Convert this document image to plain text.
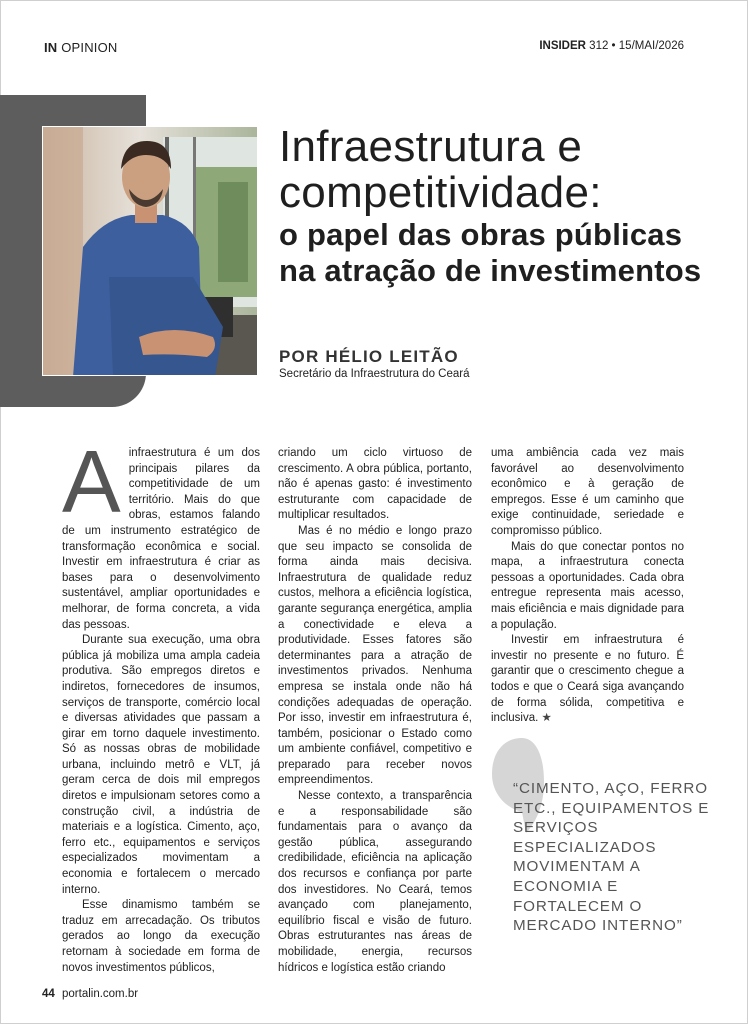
IN OPINION	INSIDER 312 • 15/MAI/2026
Infraestrutura e competitividade:
o papel das obras públicas na atração de investimentos
POR HÉLIO LEITÃO
Secretário da Infraestrutura do Ceará

Ainfraestrutura é um dos principais pilares da competitividade de um território. Mais do que obras, estamos falando de um instrumento estratégico de transformação econômica e social. Investir em infraestrutura é criar as bases para o desenvolvimento sustentável, ampliar oportunidades e melhorar, de forma concreta, a vida das pessoas.

Durante sua execução, uma obra pública já mobiliza uma ampla cadeia produtiva. São empregos diretos e indiretos, fornecedores de insumos, serviços de transporte, comércio local e diversas atividades que passam a girar em torno daquele investimento. Só as nossas obras de mobilidade urbana, incluindo metrô e VLT, já geram cerca de dois mil empregos diretos e impulsionam setores como a construção civil, a indústria de materiais e a logística. Cimento, aço, ferro etc., equipamentos e serviços especializados movimentam a economia e fortalecem o mercado interno.

Esse dinamismo também se traduz em arrecadação. Os tributos gerados ao longo da execução retornam à sociedade em forma de novos investimentos públicos,

criando um ciclo virtuoso de crescimento. A obra pública, portanto, não é apenas gasto: é investimento estruturante com capacidade de multiplicar resultados.

Mas é no médio e longo prazo que seu impacto se consolida de forma ainda mais decisiva. Infraestrutura de qualidade reduz custos, melhora a eficiência logística, garante segurança energética, amplia a conectividade e eleva a produtividade. Esses fatores são determinantes para a atração de investimentos privados. Nenhuma empresa se instala onde não há condições adequadas de operação. Por isso, investir em infraestrutura é, também, posicionar o Estado como um ambiente confiável, competitivo e preparado para receber novos empreendimentos.

Nesse contexto, a transparência e a responsabilidade são fundamentais para o avanço da gestão pública, assegurando credibilidade, eficiência na aplicação dos recursos e confiança por parte dos investidores. No Ceará, temos avançado com planejamento, equilíbrio fiscal e visão de futuro. Obras estruturantes nas áreas de mobilidade, energia, recursos hídricos e logística estão criando

uma ambiência cada vez mais favorável ao desenvolvimento econômico e à geração de empregos. Esse é um caminho que exige continuidade, seriedade e compromisso público.

Mais do que conectar pontos no mapa, a infraestrutura conecta pessoas a oportunidades. Cada obra entregue representa mais acesso, mais eficiência e mais dignidade para a população.

Investir em infraestrutura é investir no presente e no futuro. É garantir que o crescimento chegue a todos e que o Ceará siga avançando de forma sólida, competitiva e inclusiva. ★

“CIMENTO, AÇO, FERRO ETC., EQUIPAMENTOS E SERVIÇOS ESPECIALIZADOS MOVIMENTAM A ECONOMIA E FORTALECEM O MERCADO INTERNO”

44 portalin.com.br
